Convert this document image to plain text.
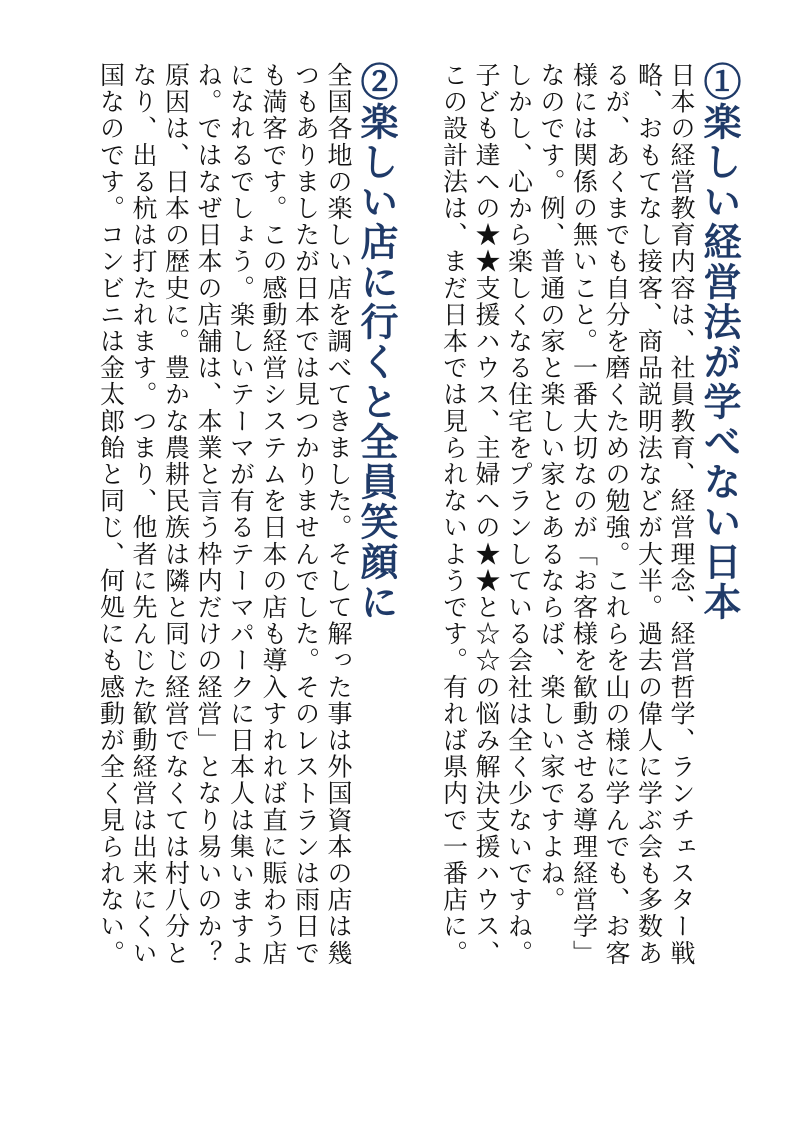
①楽しい経営法が学べない日本

日本の経営教育内容は、社員教育、経営理念、経営哲学、ランチェスター戦
略、おもてなし接客、商品説明法などが大半。過去の偉人に学ぶ会も多数あ
るが、あくまでも自分を磨くための勉強。これらを山の様に学んでも、お客
様には関係の無いこと。一番大切なのが「お客様を歓動させる導理経営学」
なのです。例、普通の家と楽しい家とあるならば、楽しい家ですよね。
しかし、心から楽しくなる住宅をプランしている会社は全く少ないですね。
子ども達への★★支援ハウス、主婦への★★と☆☆の悩み解決支援ハウス、
この設計法は、まだ日本では見られないようです。有れば県内で一番店に。

②楽しい店に行くと全員笑顔に

全国各地の楽しい店を調べてきました。そして解った事は外国資本の店は幾
つもありましたが日本では見つかりませんでした。そのレストランは雨日で
も満客です。この感動経営システムを日本の店も導入すれれば直に賑わう店
になれるでしょう。楽しいテーマが有るテーマパークに日本人は集いますよ
ね。ではなぜ日本の店舗は、本業と言う枠内だけの経営」となり易いのか？
原因は、日本の歴史に。豊かな農耕民族は隣と同じ経営でなくては村八分と
なり、出る杭は打たれます。つまり、他者に先んじた歓動経営は出来にくい
国なのです。コンビニは金太郎飴と同じ、何処にも感動が全く見られない。
